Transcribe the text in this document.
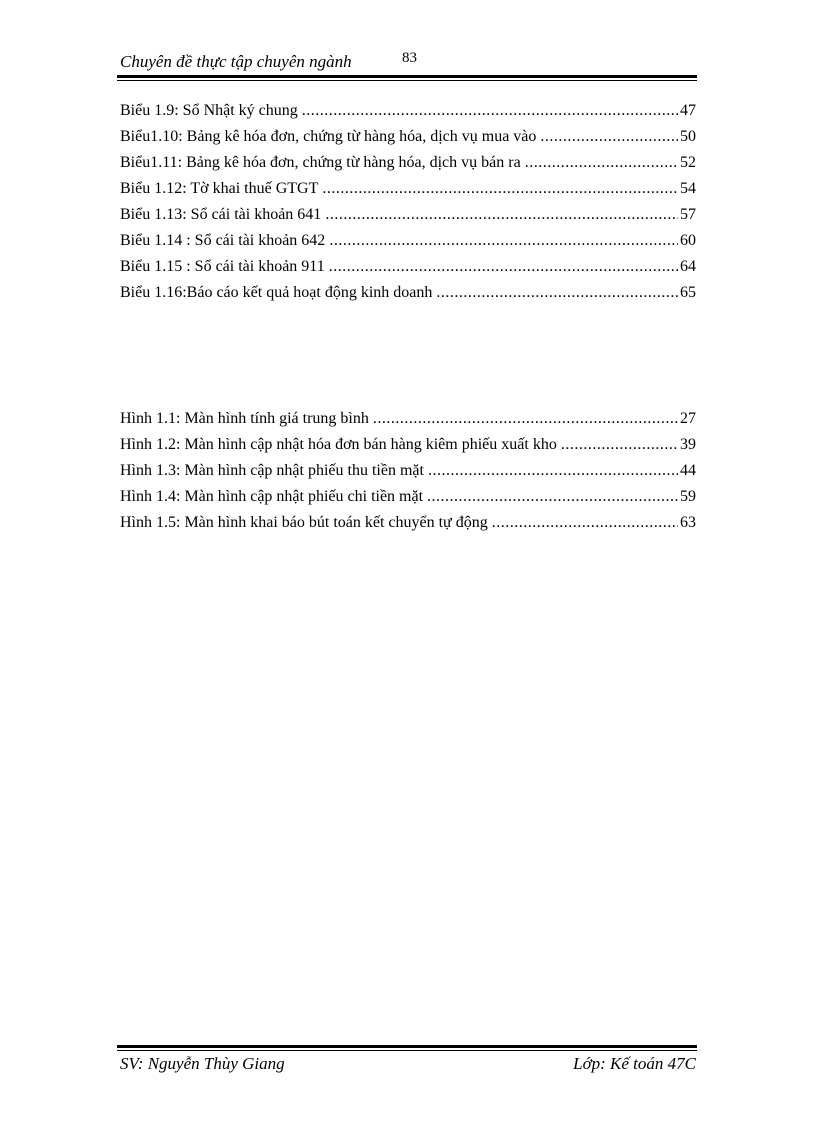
Chuyên đề thực tập chuyên ngành	83
Biểu 1.9: Sổ Nhật ký chung .....	47
Biểu1.10: Bảng kê hóa đơn, chứng từ hàng hóa, dịch vụ mua vào .....	50
Biểu1.11: Bảng kê hóa đơn, chứng từ hàng hóa, dịch vụ bán ra .....	52
Biểu 1.12: Tờ khai thuế GTGT .....	54
Biểu 1.13: Sổ cái tài khoản 641 .....	57
Biểu 1.14 : Sổ cái tài khoản 642 .....	60
Biểu 1.15 : Sổ cái tài khoản 911 .....	64
Biểu 1.16:Báo cáo kết quả hoạt động kinh doanh .....	65
Hình 1.1: Màn hình tính giá trung bình .....	27
Hình 1.2: Màn hình cập nhật hóa đơn bán hàng kiêm phiếu xuất kho .....	39
Hình 1.3: Màn hình cập nhật phiếu thu tiền mặt .....	44
Hình 1.4: Màn hình cập nhật phiếu chi tiền mặt .....	59
Hình 1.5: Màn hình khai báo bút toán kết chuyển tự động .....	63
SV: Nguyễn Thùy Giang	Lớp: Kế toán 47C
